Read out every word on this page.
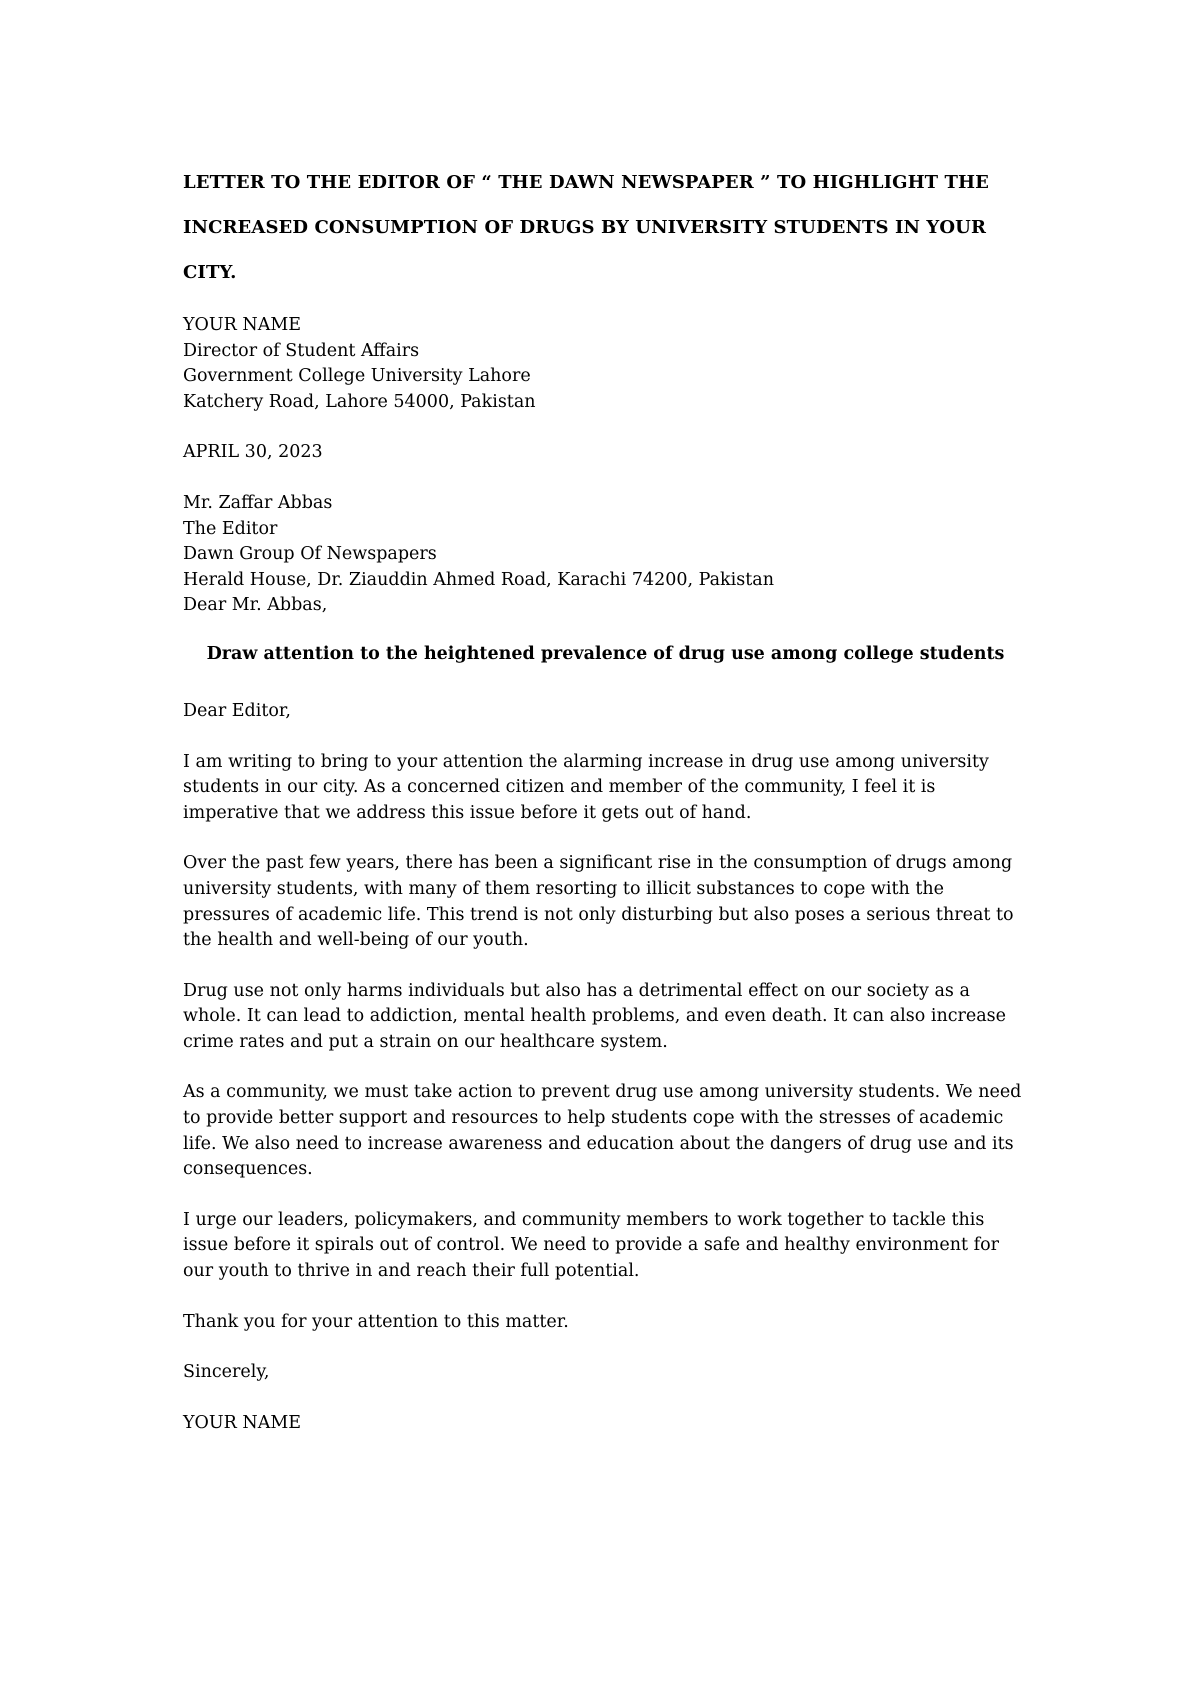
LETTER TO THE EDITOR OF “ THE DAWN NEWSPAPER ” TO HIGHLIGHT THE INCREASED CONSUMPTION OF DRUGS BY UNIVERSITY STUDENTS IN YOUR CITY.

YOUR NAME
Director of Student Affairs
Government College University Lahore
Katchery Road, Lahore 54000, Pakistan
APRIL 30, 2023
Mr. Zaffar Abbas
The Editor
Dawn Group Of Newspapers
Herald House, Dr. Ziauddin Ahmed Road, Karachi 74200, Pakistan
Dear Mr. Abbas,

Draw attention to the heightened prevalence of drug use among college students

Dear Editor,

I am writing to bring to your attention the alarming increase in drug use among university students in our city. As a concerned citizen and member of the community, I feel it is imperative that we address this issue before it gets out of hand.

Over the past few years, there has been a significant rise in the consumption of drugs among university students, with many of them resorting to illicit substances to cope with the pressures of academic life. This trend is not only disturbing but also poses a serious threat to the health and well-being of our youth.

Drug use not only harms individuals but also has a detrimental effect on our society as a whole. It can lead to addiction, mental health problems, and even death. It can also increase crime rates and put a strain on our healthcare system.

As a community, we must take action to prevent drug use among university students. We need to provide better support and resources to help students cope with the stresses of academic life. We also need to increase awareness and education about the dangers of drug use and its consequences.

I urge our leaders, policymakers, and community members to work together to tackle this issue before it spirals out of control. We need to provide a safe and healthy environment for our youth to thrive in and reach their full potential.

Thank you for your attention to this matter.

Sincerely,

YOUR NAME
